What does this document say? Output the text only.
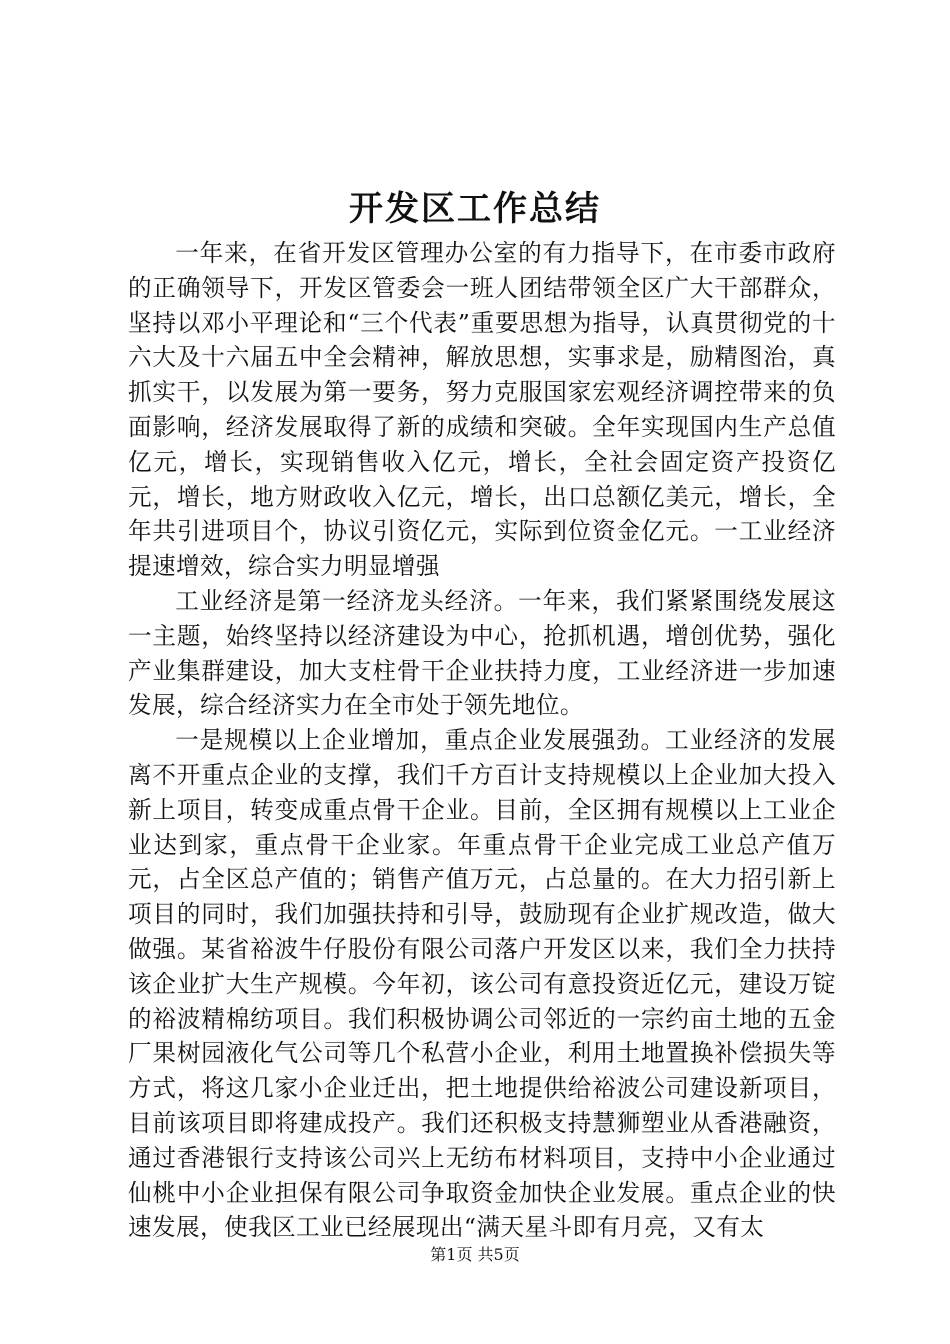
开发区工作总结

一年来，在省开发区管理办公室的有力指导下，在市委市政府的正确领导下，开发区管委会一班人团结带领全区广大干部群众，坚持以邓小平理论和“三个代表”重要思想为指导，认真贯彻党的十六大及十六届五中全会精神，解放思想，实事求是，励精图治，真抓实干，以发展为第一要务，努力克服国家宏观经济调控带来的负面影响，经济发展取得了新的成绩和突破。全年实现国内生产总值亿元，增长，实现销售收入亿元，增长，全社会固定资产投资亿元，增长，地方财政收入亿元，增长，出口总额亿美元，增长，全年共引进项目个，协议引资亿元，实际到位资金亿元。一工业经济提速增效，综合实力明显增强

工业经济是第一经济龙头经济。一年来，我们紧紧围绕发展这一主题，始终坚持以经济建设为中心，抢抓机遇，增创优势，强化产业集群建设，加大支柱骨干企业扶持力度，工业经济进一步加速发展，综合经济实力在全市处于领先地位。

一是规模以上企业增加，重点企业发展强劲。工业经济的发展离不开重点企业的支撑，我们千方百计支持规模以上企业加大投入新上项目，转变成重点骨干企业。目前，全区拥有规模以上工业企业达到家，重点骨干企业家。年重点骨干企业完成工业总产值万元，占全区总产值的；销售产值万元，占总量的。在大力招引新上项目的同时，我们加强扶持和引导，鼓励现有企业扩规改造，做大做强。某省裕波牛仔股份有限公司落户开发区以来，我们全力扶持该企业扩大生产规模。今年初，该公司有意投资近亿元，建设万锭的裕波精棉纺项目。我们积极协调公司邻近的一宗约亩土地的五金厂果树园液化气公司等几个私营小企业，利用土地置换补偿损失等方式，将这几家小企业迁出，把土地提供给裕波公司建设新项目，目前该项目即将建成投产。我们还积极支持慧狮塑业从香港融资，通过香港银行支持该公司兴上无纺布材料项目，支持中小企业通过仙桃中小企业担保有限公司争取资金加快企业发展。重点企业的快速发展，使我区工业已经展现出“满天星斗即有月亮，又有太

第1页 共5页
